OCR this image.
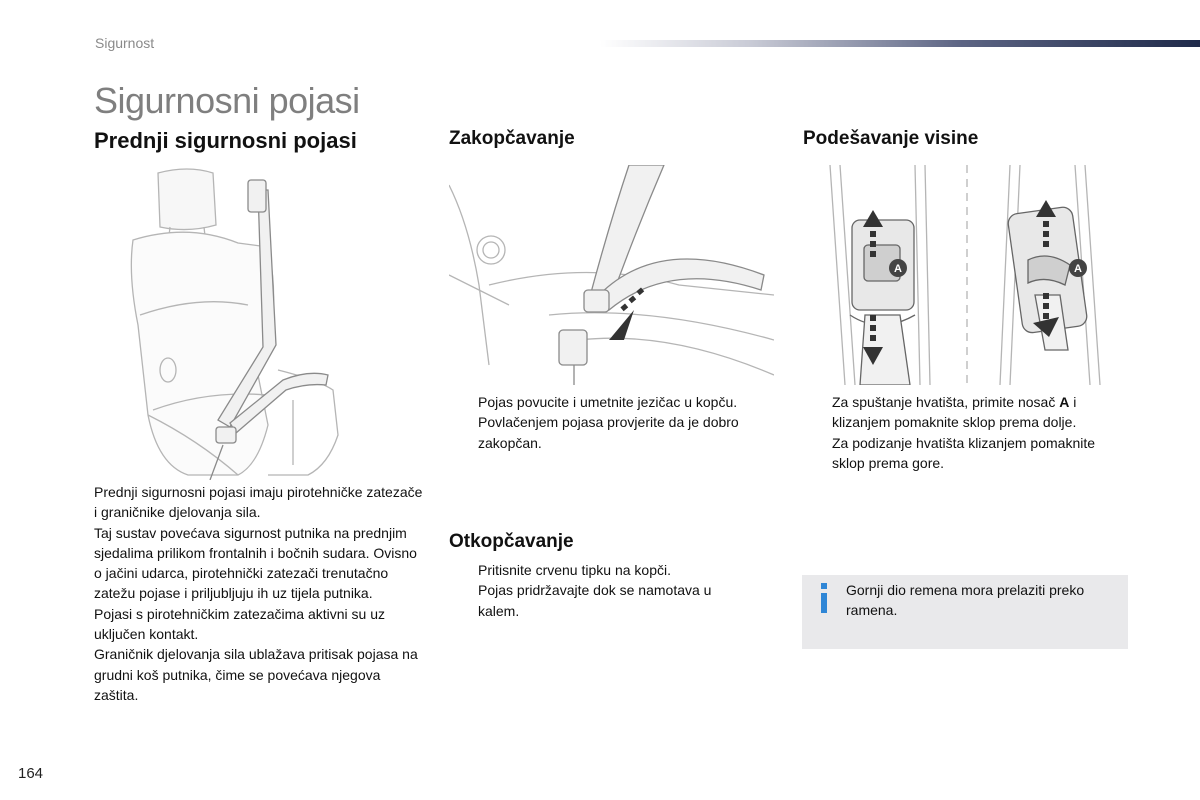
Sigurnost
Sigurnosni pojasi
Prednji sigurnosni pojasi	Zakopčavanje	Podešavanje visine
Otkopčavanje
A	A

Prednji sigurnosni pojasi imaju pirotehničke zatezače i graničnike djelovanja sila.

Taj sustav povećava sigurnost putnika na prednjim sjedalima prilikom frontalnih i bočnih sudara. Ovisno o jačini udarca, pirotehnički zatezači trenutačno zatežu pojase i priljubljuju ih uz tijela putnika.

Pojasi s pirotehničkim zatezačima aktivni su uz uključen kontakt.

Graničnik djelovanja sila ublažava pritisak pojasa na grudni koš putnika, čime se povećava njegova zaštita.

Pojas povucite i umetnite jezičac u kopču.
Povlačenjem pojasa provjerite da je dobro zakopčan.
Za spuštanje hvatišta, primite nosač A i klizanjem pomaknite sklop prema dolje.
Za podizanje hvatišta klizanjem pomaknite sklop prema gore.
Pritisnite crvenu tipku na kopči.
Pojas pridržavajte dok se namotava u kalem.
Gornji dio remena mora prelaziti preko ramena.
164
